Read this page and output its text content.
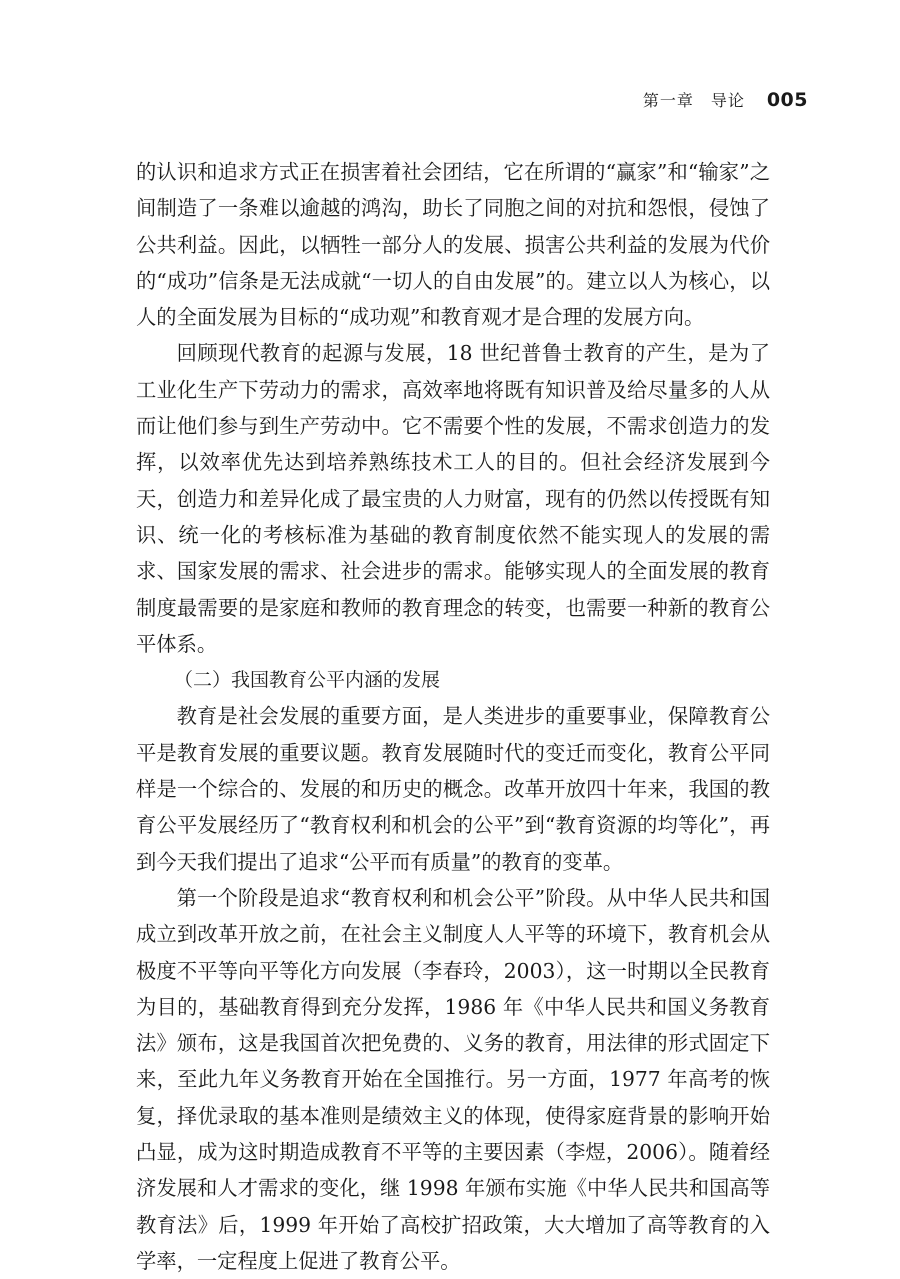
第一章　导论 005

的认识和追求方式正在损害着社会团结，它在所谓的“赢家”和“输家”之间制造了一条难以逾越的鸿沟，助长了同胞之间的对抗和怨恨，侵蚀了公共利益。因此，以牺牲一部分人的发展、损害公共利益的发展为代价的“成功”信条是无法成就“一切人的自由发展”的。建立以人为核心，以人的全面发展为目标的“成功观”和教育观才是合理的发展方向。

回顾现代教育的起源与发展，18 世纪普鲁士教育的产生，是为了工业化生产下劳动力的需求，高效率地将既有知识普及给尽量多的人从而让他们参与到生产劳动中。它不需要个性的发展，不需求创造力的发挥，以效率优先达到培养熟练技术工人的目的。但社会经济发展到今天，创造力和差异化成了最宝贵的人力财富，现有的仍然以传授既有知识、统一化的考核标准为基础的教育制度依然不能实现人的发展的需求、国家发展的需求、社会进步的需求。能够实现人的全面发展的教育制度最需要的是家庭和教师的教育理念的转变，也需要一种新的教育公平体系。

（二）我国教育公平内涵的发展

教育是社会发展的重要方面，是人类进步的重要事业，保障教育公平是教育发展的重要议题。教育发展随时代的变迁而变化，教育公平同样是一个综合的、发展的和历史的概念。改革开放四十年来，我国的教育公平发展经历了“教育权利和机会的公平”到“教育资源的均等化”，再到今天我们提出了追求“公平而有质量”的教育的变革。

第一个阶段是追求“教育权利和机会公平”阶段。从中华人民共和国成立到改革开放之前，在社会主义制度人人平等的环境下，教育机会从极度不平等向平等化方向发展（李春玲，2003），这一时期以全民教育为目的，基础教育得到充分发挥，1986 年《中华人民共和国义务教育法》颁布，这是我国首次把免费的、义务的教育，用法律的形式固定下来，至此九年义务教育开始在全国推行。另一方面，1977 年高考的恢复，择优录取的基本准则是绩效主义的体现，使得家庭背景的影响开始凸显，成为这时期造成教育不平等的主要因素（李煜，2006）。随着经济发展和人才需求的变化，继 1998 年颁布实施《中华人民共和国高等教育法》后，1999 年开始了高校扩招政策，大大增加了高等教育的入学率，一定程度上促进了教育公平。
